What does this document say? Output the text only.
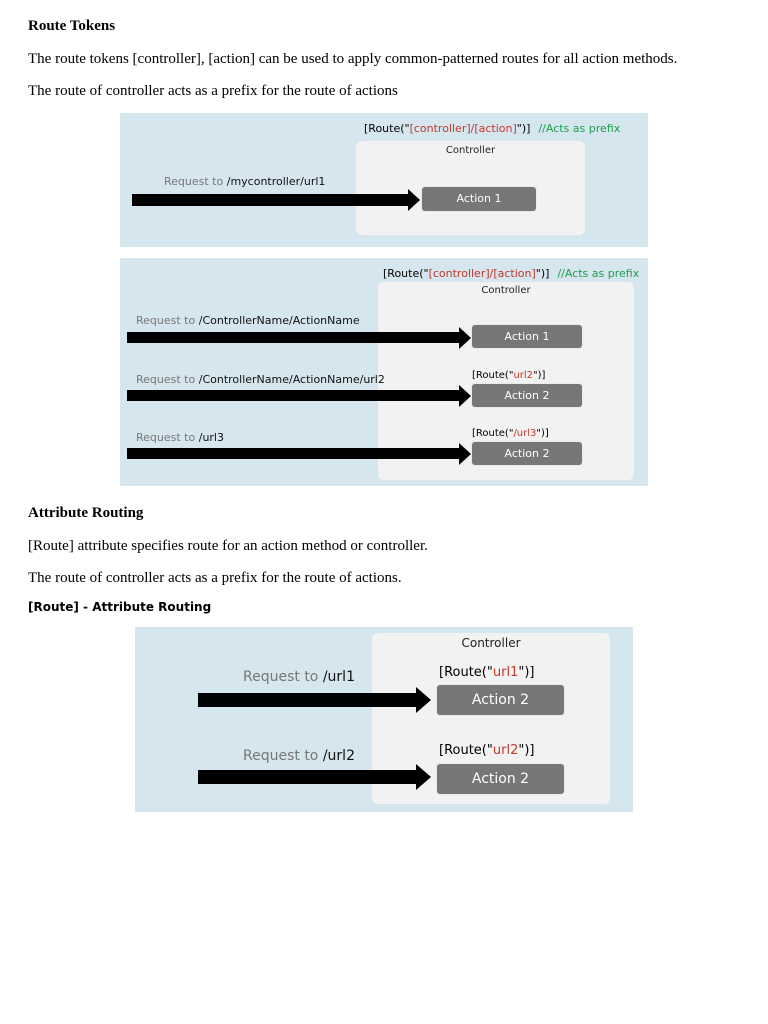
Route Tokens

The route tokens [controller], [action] can be used to apply common-patterned routes for all action methods.

The route of controller acts as a prefix for the route of actions

[Route("[controller]/[action]")] //Acts as prefix
Controller
Action 1
Request to /mycontroller/url1
[Route("[controller]/[action]")] //Acts as prefix
Controller
Request to /ControllerName/ActionName
Action 1
Request to /ControllerName/ActionName/url2	[Route("url2")]
Action 2
Request to /url3	[Route("/url3")]
Action 2
Attribute Routing

[Route] attribute specifies route for an action method or controller.

The route of controller acts as a prefix for the route of actions.

[Route] - Attribute Routing

Controller
Request to /url1	[Route("url1")]
Action 2
Request to /url2	[Route("url2")]
Action 2
